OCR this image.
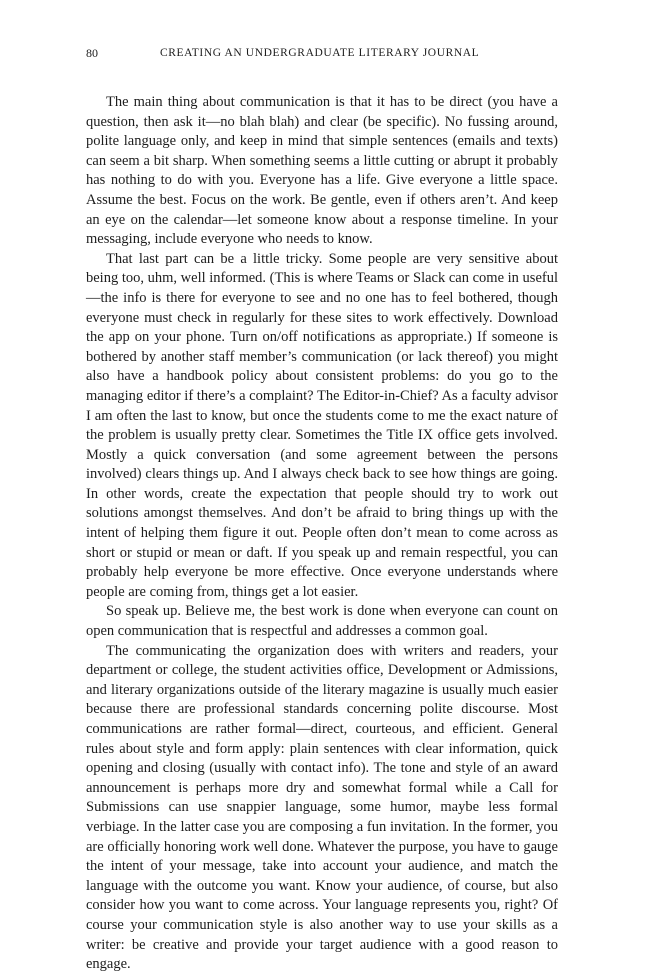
80	CREATING AN UNDERGRADUATE LITERARY JOURNAL

The main thing about communication is that it has to be direct (you have a question, then ask it—no blah blah) and clear (be specific). No fussing around, polite language only, and keep in mind that simple sentences (emails and texts) can seem a bit sharp. When something seems a little cutting or abrupt it probably has nothing to do with you. Everyone has a life. Give everyone a little space. Assume the best. Focus on the work. Be gentle, even if others aren’t. And keep an eye on the calendar—let someone know about a response timeline. In your messaging, include everyone who needs to know.

That last part can be a little tricky. Some people are very sensitive about being too, uhm, well informed. (This is where Teams or Slack can come in useful—the info is there for everyone to see and no one has to feel bothered, though everyone must check in regularly for these sites to work effectively. Download the app on your phone. Turn on/off notifications as appropriate.) If someone is bothered by another staff member’s communication (or lack thereof) you might also have a handbook policy about consistent problems: do you go to the managing editor if there’s a complaint? The Editor-in-Chief? As a faculty advisor I am often the last to know, but once the students come to me the exact nature of the problem is usually pretty clear. Sometimes the Title IX office gets involved. Mostly a quick conversation (and some agreement between the persons involved) clears things up. And I always check back to see how things are going. In other words, create the expectation that people should try to work out solutions amongst themselves. And don’t be afraid to bring things up with the intent of helping them figure it out. People often don’t mean to come across as short or stupid or mean or daft. If you speak up and remain respectful, you can probably help everyone be more effective. Once everyone understands where people are coming from, things get a lot easier.

So speak up. Believe me, the best work is done when everyone can count on open communication that is respectful and addresses a common goal.

The communicating the organization does with writers and readers, your department or college, the student activities office, Development or Admissions, and literary organizations outside of the literary magazine is usually much easier because there are professional standards concerning polite discourse. Most communications are rather formal—direct, courteous, and efficient. General rules about style and form apply: plain sentences with clear information, quick opening and closing (usually with contact info). The tone and style of an award announcement is perhaps more dry and somewhat formal while a Call for Submissions can use snappier language, some humor, maybe less formal verbiage. In the latter case you are composing a fun invitation. In the former, you are officially honoring work well done. Whatever the purpose, you have to gauge the intent of your message, take into account your audience, and match the language with the outcome you want. Know your audience, of course, but also consider how you want to come across. Your language represents you, right? Of course your communication style is also another way to use your skills as a writer: be creative and provide your target audience with a good reason to engage.
